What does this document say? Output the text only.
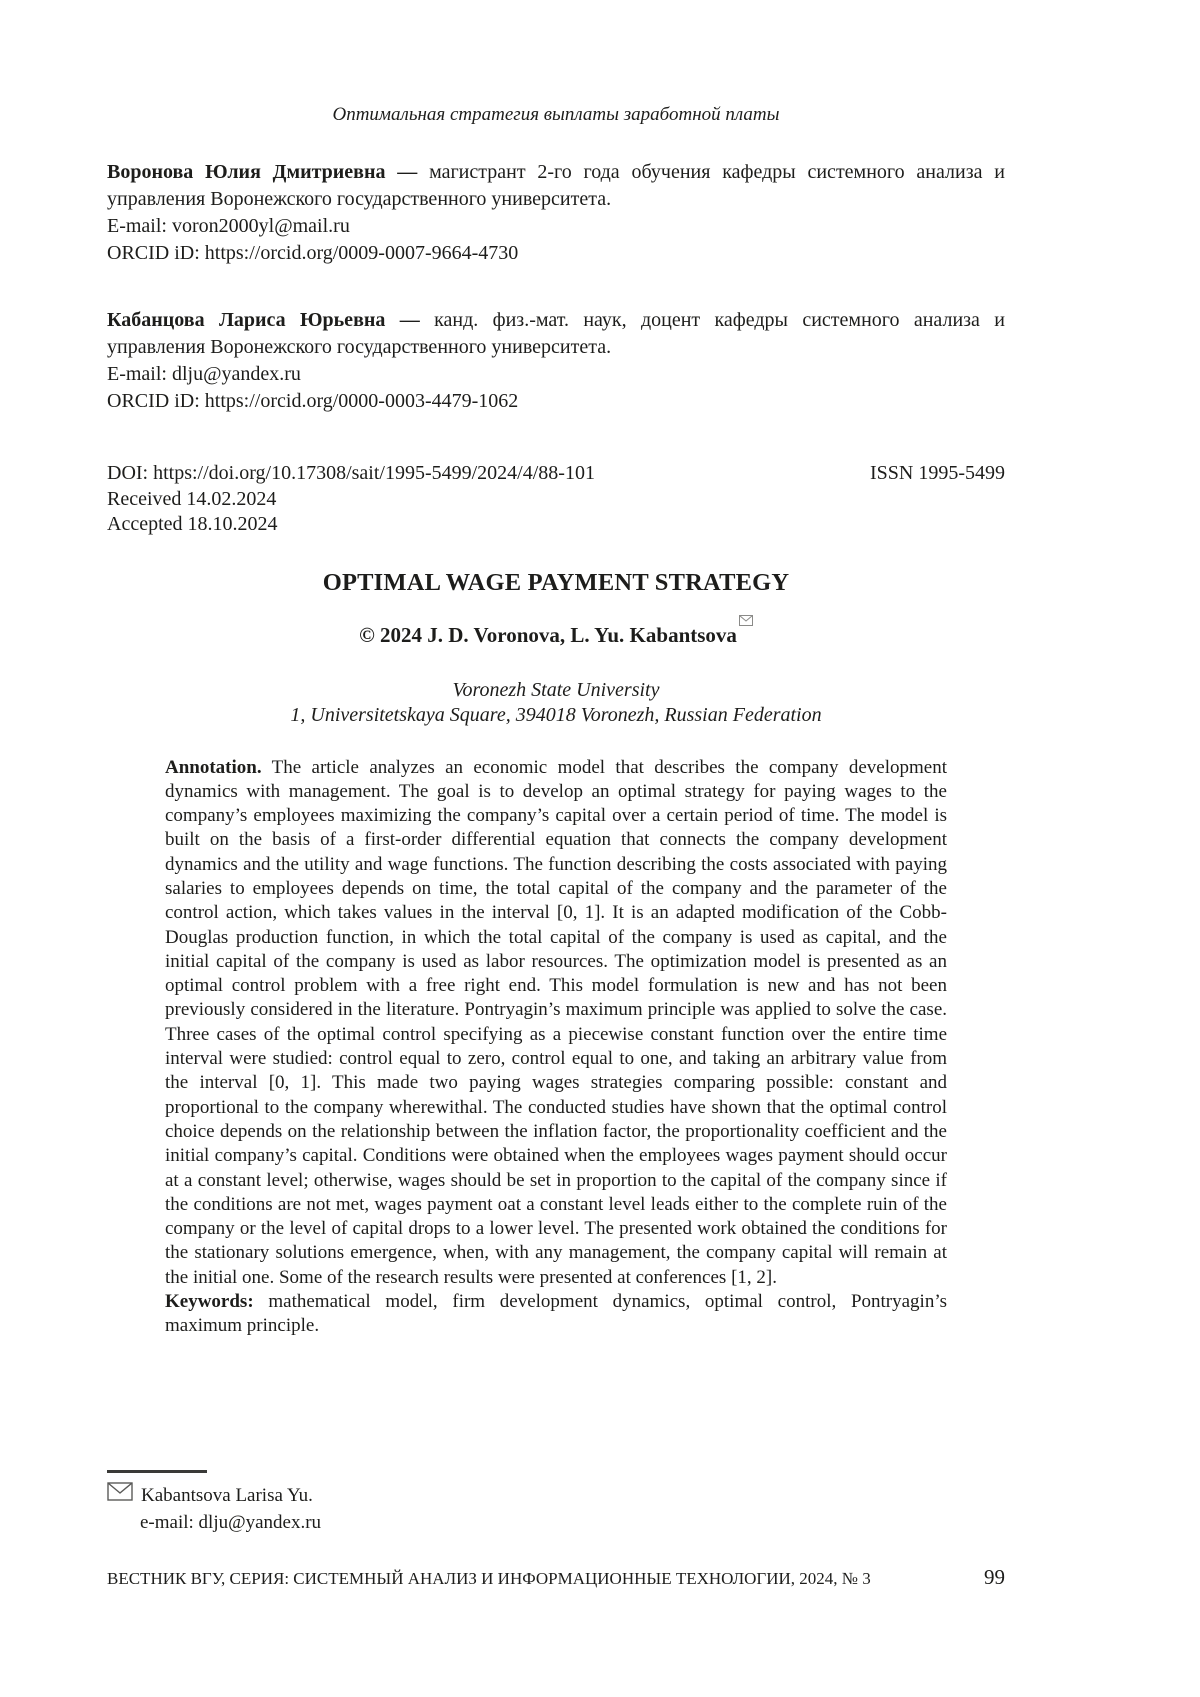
Оптимальная стратегия выплаты заработной платы

Воронова Юлия Дмитриевна — магистрант 2-го года обучения кафедры системного анализа и управления Воронежского государственного университета.

E-mail: voron2000yl@mail.ru

ORCID iD: https://orcid.org/0009-0007-9664-4730

Кабанцова Лариса Юрьевна — канд. физ.-мат. наук, доцент кафедры системного анализа и управления Воронежского государственного университета.

E-mail: dlju@yandex.ru

ORCID iD: https://orcid.org/0000-0003-4479-1062

DOI: https://doi.org/10.17308/sait/1995-5499/2024/4/88-101	ISSN 1995-5499

Received 14.02.2024

Accepted 18.10.2024

OPTIMAL WAGE PAYMENT STRATEGY

© 2024 J. D. Voronova, L. Yu. Kabantsova

Voronezh State University

1, Universitetskaya Square, 394018 Voronezh, Russian Federation

Annotation. The article analyzes an economic model that describes the company development dynamics with management. The goal is to develop an optimal strategy for paying wages to the company’s employees maximizing the company’s capital over a certain period of time. The model is built on the basis of a first-order differential equation that connects the company development dynamics and the utility and wage functions. The function describing the costs associated with paying salaries to employees depends on time, the total capital of the company and the parameter of the control action, which takes values in the interval [0, 1]. It is an adapted modification of the Cobb-Douglas production function, in which the total capital of the company is used as capital, and the initial capital of the company is used as labor resources. The optimization model is presented as an optimal control problem with a free right end. This model formulation is new and has not been previously considered in the literature. Pontryagin’s maximum principle was applied to solve the case. Three cases of the optimal control specifying as a piecewise constant function over the entire time interval were studied: control equal to zero, control equal to one, and taking an arbitrary value from the interval [0, 1]. This made two paying wages strategies comparing possible: constant and proportional to the company wherewithal. The conducted studies have shown that the optimal control choice depends on the relationship between the inflation factor, the proportionality coefficient and the initial company’s capital. Conditions were obtained when the employees wages payment should occur at a constant level; otherwise, wages should be set in proportion to the capital of the company since if the conditions are not met, wages payment oat a constant level leads either to the complete ruin of the company or the level of capital drops to a lower level. The presented work obtained the conditions for the stationary solutions emergence, when, with any management, the company capital will remain at the initial one. Some of the research results were presented at conferences [1, 2].

Keywords: mathematical model, firm development dynamics, optimal control, Pontryagin’s maximum principle.

Kabantsova Larisa Yu.
e-mail: dlju@yandex.ru
ВЕСТНИК ВГУ, СЕРИЯ: СИСТЕМНЫЙ АНАЛИЗ И ИНФОРМАЦИОННЫЕ ТЕХНОЛОГИИ, 2024, № 3	99
